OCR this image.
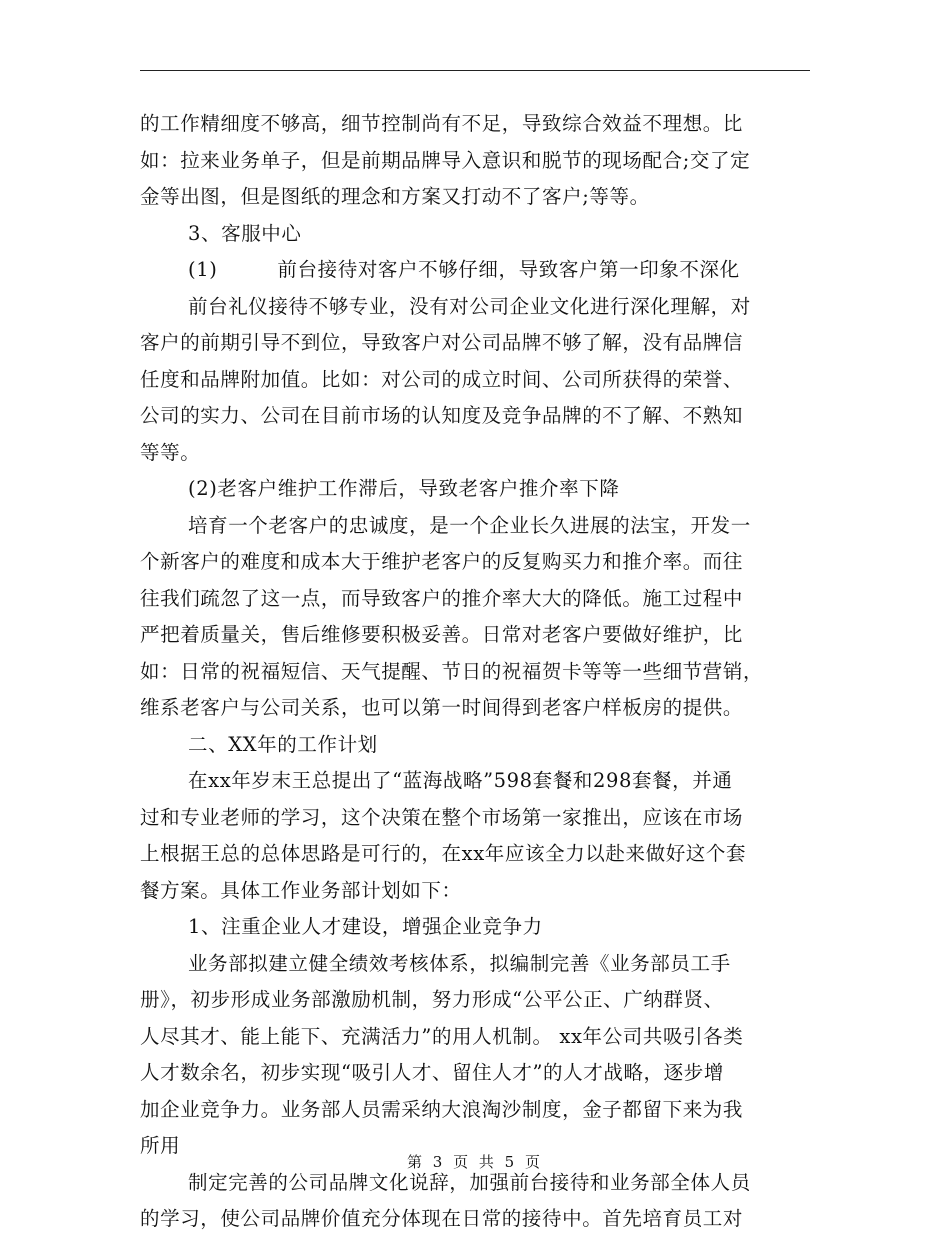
的工作精细度不够高，细节控制尚有不足，导致综合效益不理想。比
如：拉来业务单子，但是前期品牌导入意识和脱节的现场配合;交了定
金等出图，但是图纸的理念和方案又打动不了客户;等等。
3、客服中心
(1)	前台接待对客户不够仔细，导致客户第一印象不深化
前台礼仪接待不够专业，没有对公司企业文化进行深化理解，对
客户的前期引导不到位，导致客户对公司品牌不够了解，没有品牌信
任度和品牌附加值。比如：对公司的成立时间、公司所获得的荣誉、
公司的实力、公司在目前市场的认知度及竞争品牌的不了解、不熟知
等等。
(2)老客户维护工作滞后，导致老客户推介率下降
培育一个老客户的忠诚度，是一个企业长久进展的法宝，开发一
个新客户的难度和成本大于维护老客户的反复购买力和推介率。而往
往我们疏忽了这一点，而导致客户的推介率大大的降低。施工过程中
严把着质量关，售后维修要积极妥善。日常对老客户要做好维护，比
如：日常的祝福短信、天气提醒、节日的祝福贺卡等等一些细节营销，
维系老客户与公司关系，也可以第一时间得到老客户样板房的提供。
二、XX年的工作计划
在xx年岁末王总提出了“蓝海战略”598套餐和298套餐，并通
过和专业老师的学习，这个决策在整个市场第一家推出，应该在市场
上根据王总的总体思路是可行的，在xx年应该全力以赴来做好这个套
餐方案。具体工作业务部计划如下：
1、注重企业人才建设，增强企业竞争力
业务部拟建立健全绩效考核体系，拟编制完善《业务部员工手
册》，初步形成业务部激励机制，努力形成“公平公正、广纳群贤、
人尽其才、能上能下、充满活力”的用人机制。 xx年公司共吸引各类
人才数余名，初步实现“吸引人才、留住人才”的人才战略，逐步增
加企业竞争力。业务部人员需采纳大浪淘沙制度，金子都留下来为我
所用
制定完善的公司品牌文化说辞，加强前台接待和业务部全体人员
的学习，使公司品牌价值充分体现在日常的接待中。首先培育员工对
第 3 页 共 5 页
